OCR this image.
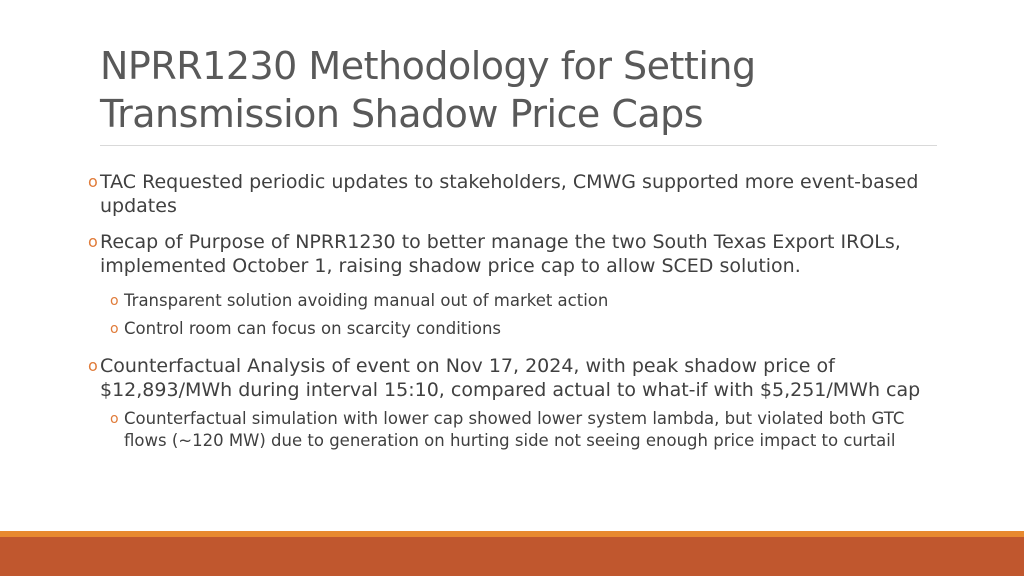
NPRR1230 Methodology for Setting
Transmission Shadow Price Caps
o TAC Requested periodic updates to stakeholders, CMWG supported more event-based updates
o Recap of Purpose of NPRR1230 to better manage the two South Texas Export IROLs, implemented October 1, raising shadow price cap to allow SCED solution.
o Transparent solution avoiding manual out of market action
o Control room can focus on scarcity conditions
o Counterfactual Analysis of event on Nov 17, 2024, with peak shadow price of $12,893/MWh during interval 15:10, compared actual to what-if with $5,251/MWh cap
o Counterfactual simulation with lower cap showed lower system lambda, but violated both GTC flows (~120 MW) due to generation on hurting side not seeing enough price impact to curtail
